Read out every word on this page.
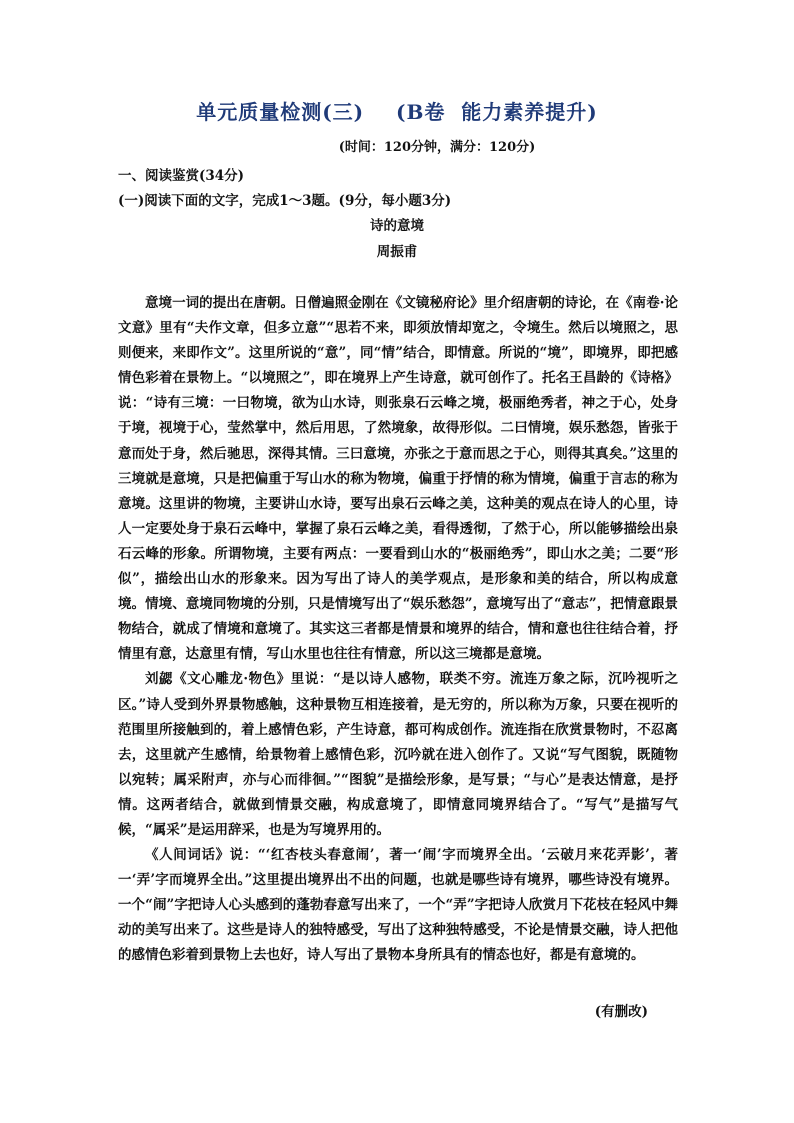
单元质量检测(三)    (B卷  能力素养提升)
(时间：120分钟，满分：120分)
一、阅读鉴赏(34分)
(一)阅读下面的文字，完成1～3题。(9分，每小题3分)
诗的意境
周振甫

意境一词的提出在唐朝。日僧遍照金刚在《文镜秘府论》里介绍唐朝的诗论，在《南卷·论文意》里有“夫作文章，但多立意”“思若不来，即须放情却宽之，令境生。然后以境照之，思则便来，来即作文”。这里所说的“意”，同“情”结合，即情意。所说的“境”，即境界，即把感情色彩着在景物上。“以境照之”，即在境界上产生诗意，就可创作了。托名王昌龄的《诗格》说：“诗有三境：一曰物境，欲为山水诗，则张泉石云峰之境，极丽绝秀者，神之于心，处身于境，视境于心，莹然掌中，然后用思，了然境象，故得形似。二曰情境，娱乐愁怨，皆张于意而处于身，然后驰思，深得其情。三曰意境，亦张之于意而思之于心，则得其真矣。”这里的三境就是意境，只是把偏重于写山水的称为物境，偏重于抒情的称为情境，偏重于言志的称为意境。这里讲的物境，主要讲山水诗，要写出泉石云峰之美，这种美的观点在诗人的心里，诗人一定要处身于泉石云峰中，掌握了泉石云峰之美，看得透彻，了然于心，所以能够描绘出泉石云峰的形象。所谓物境，主要有两点：一要看到山水的“极丽绝秀”，即山水之美；二要“形似”，描绘出山水的形象来。因为写出了诗人的美学观点，是形象和美的结合，所以构成意境。情境、意境同物境的分别，只是情境写出了“娱乐愁怨”，意境写出了“意志”，把情意跟景物结合，就成了情境和意境了。其实这三者都是情景和境界的结合，情和意也往往结合着，抒情里有意，达意里有情，写山水里也往往有情意，所以这三境都是意境。

刘勰《文心雕龙·物色》里说：“是以诗人感物，联类不穷。流连万象之际，沉吟视听之区。”诗人受到外界景物感触，这种景物互相连接着，是无穷的，所以称为万象，只要在视听的范围里所接触到的，着上感情色彩，产生诗意，都可构成创作。流连指在欣赏景物时，不忍离去，这里就产生感情，给景物着上感情色彩，沉吟就在进入创作了。又说“写气图貌，既随物以宛转；属采附声，亦与心而徘徊。”“图貌”是描绘形象，是写景；“与心”是表达情意，是抒情。这两者结合，就做到情景交融，构成意境了，即情意同境界结合了。“写气”是描写气候，“属采”是运用辞采，也是为写境界用的。

《人间词话》说：“‘红杏枝头春意闹’，著一‘闹’字而境界全出。‘云破月来花弄影’，著一‘弄’字而境界全出。”这里提出境界出不出的问题，也就是哪些诗有境界，哪些诗没有境界。一个“闹”字把诗人心头感到的蓬勃春意写出来了，一个“弄”字把诗人欣赏月下花枝在轻风中舞动的美写出来了。这些是诗人的独特感受，写出了这种独特感受，不论是情景交融，诗人把他的感情色彩着到景物上去也好，诗人写出了景物本身所具有的情态也好，都是有意境的。

(有删改)
